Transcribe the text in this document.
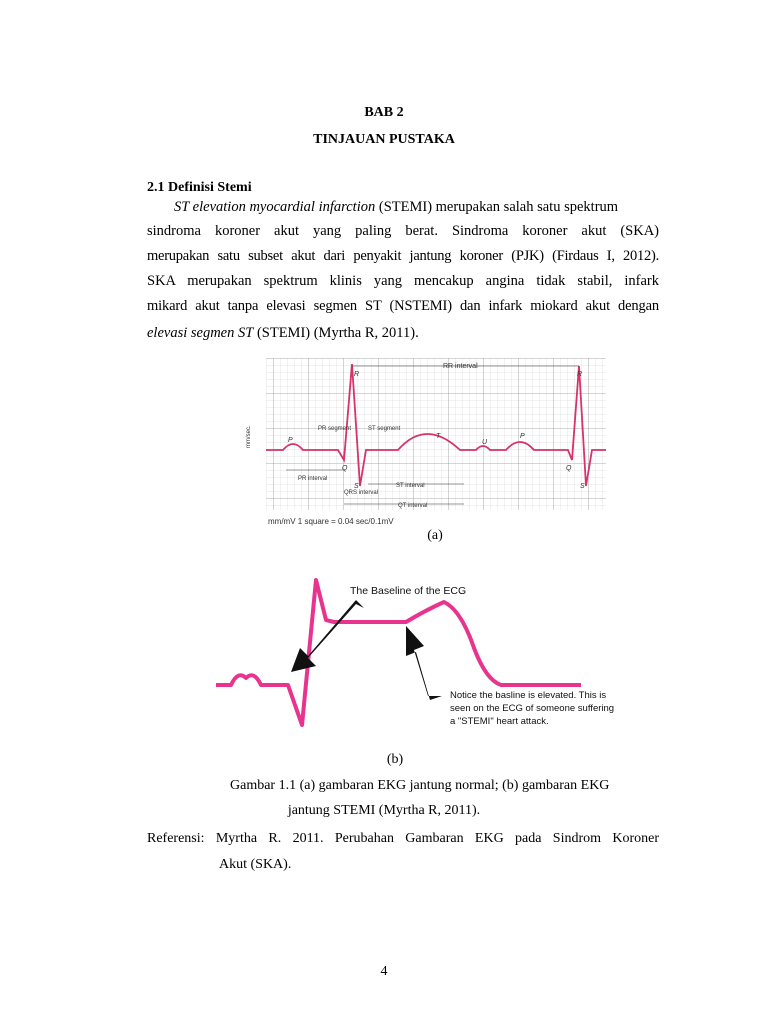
BAB 2
TINJAUAN PUSTAKA
2.1 Definisi Stemi
ST elevation myocardial infarction (STEMI) merupakan salah satu spektrum
sindroma koroner akut yang paling berat. Sindroma koroner akut (SKA)
merupakan satu subset akut dari penyakit jantung koroner (PJK) (Firdaus I, 2012).
SKA merupakan spektrum klinis yang mencakup angina tidak stabil, infark
mikard akut tanpa elevasi segmen ST (NSTEMI) dan infark miokard akut dengan
elevasi segmen ST (STEMI) (Myrtha R, 2011).
RR interval
R	R
PR segment	ST segment
P
T
U
P
Q	Q
S	S
PR interval
ST interval
QRS interval
QT interval
mm/sec.
mm/mV 1 square = 0.04 sec/0.1mV
(a)
The Baseline of the ECG
Notice the basline is elevated. This is
seen on the ECG of someone suffering
a "STEMI" heart attack.
(b)
Gambar 1.1 (a) gambaran EKG jantung normal; (b) gambaran EKG
jantung STEMI (Myrtha R, 2011).
Referensi: Myrtha R. 2011. Perubahan Gambaran EKG pada Sindrom Koroner
Akut (SKA).
4
